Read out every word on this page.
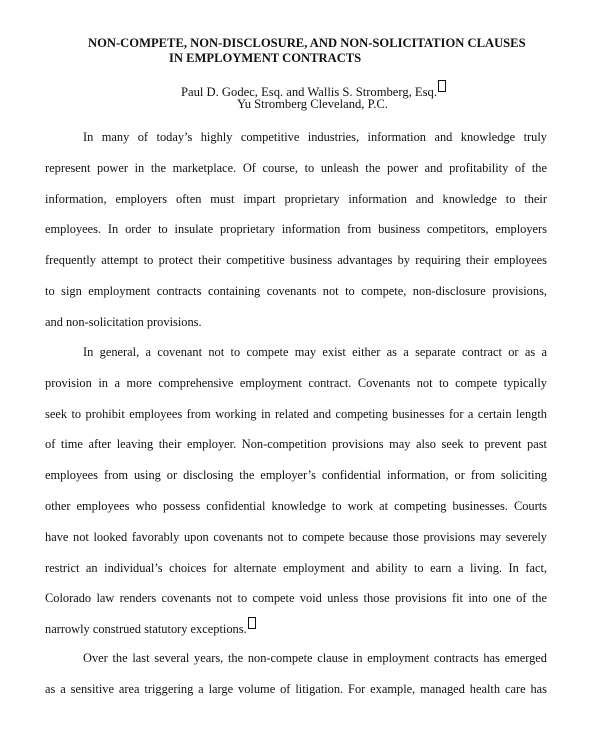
NON-COMPETE, NON-DISCLOSURE, AND NON-SOLICITATION CLAUSES
IN EMPLOYMENT CONTRACTS
Paul D. Godec, Esq. and Wallis S. Stromberg, Esq.
Yu Stromberg Cleveland, P.C.
In many of today’s highly competitive industries, information and knowledge truly
represent power in the marketplace. Of course, to unleash the power and profitability of the
information, employers often must impart proprietary information and knowledge to their
employees. In order to insulate proprietary information from business competitors, employers
frequently attempt to protect their competitive business advantages by requiring their employees
to sign employment contracts containing covenants not to compete, non-disclosure provisions,
and non-solicitation provisions.
In general, a covenant not to compete may exist either as a separate contract or as a
provision in a more comprehensive employment contract. Covenants not to compete typically
seek to prohibit employees from working in related and competing businesses for a certain length
of time after leaving their employer. Non-competition provisions may also seek to prevent past
employees from using or disclosing the employer’s confidential information, or from soliciting
other employees who possess confidential knowledge to work at competing businesses. Courts
have not looked favorably upon covenants not to compete because those provisions may severely
restrict an individual’s choices for alternate employment and ability to earn a living. In fact,
Colorado law renders covenants not to compete void unless those provisions fit into one of the
narrowly construed statutory exceptions.
Over the last several years, the non-compete clause in employment contracts has emerged
as a sensitive area triggering a large volume of litigation. For example, managed health care has
